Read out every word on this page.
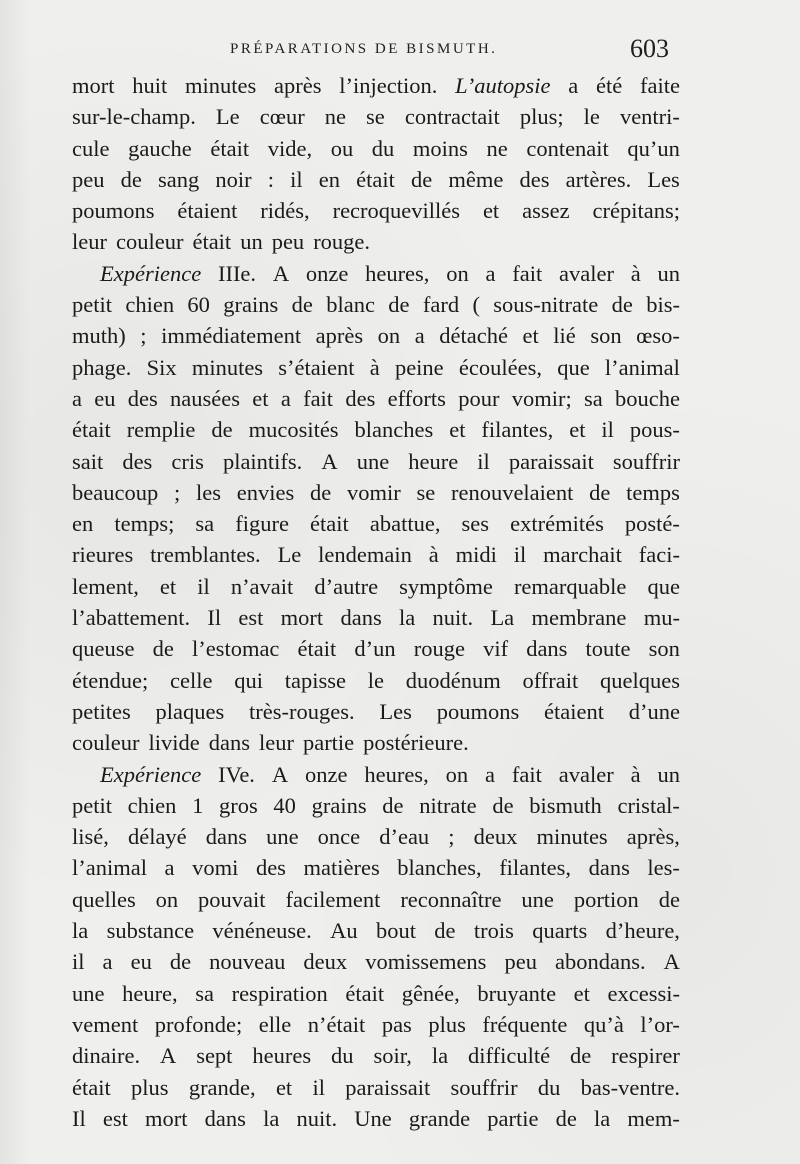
PRÉPARATIONS DE BISMUTH.	603
mort huit minutes après l’injection. L’autopsie a été faite
sur-le-champ. Le cœur ne se contractait plus; le ventri-
cule gauche était vide, ou du moins ne contenait qu’un
peu de sang noir : il en était de même des artères. Les
poumons étaient ridés, recroquevillés et assez crépitans;
leur couleur était un peu rouge.
Expérience IIIe. A onze heures, on a fait avaler à un
petit chien 60 grains de blanc de fard ( sous-nitrate de bis-
muth) ; immédiatement après on a détaché et lié son œso-
phage. Six minutes s’étaient à peine écoulées, que l’animal
a eu des nausées et a fait des efforts pour vomir; sa bouche
était remplie de mucosités blanches et filantes, et il pous-
sait des cris plaintifs. A une heure il paraissait souffrir
beaucoup ; les envies de vomir se renouvelaient de temps
en temps; sa figure était abattue, ses extrémités posté-
rieures tremblantes. Le lendemain à midi il marchait faci-
lement, et il n’avait d’autre symptôme remarquable que
l’abattement. Il est mort dans la nuit. La membrane mu-
queuse de l’estomac était d’un rouge vif dans toute son
étendue; celle qui tapisse le duodénum offrait quelques
petites plaques très-rouges. Les poumons étaient d’une
couleur livide dans leur partie postérieure.
Expérience IVe. A onze heures, on a fait avaler à un
petit chien 1 gros 40 grains de nitrate de bismuth cristal-
lisé, délayé dans une once d’eau ; deux minutes après,
l’animal a vomi des matières blanches, filantes, dans les-
quelles on pouvait facilement reconnaître une portion de
la substance vénéneuse. Au bout de trois quarts d’heure,
il a eu de nouveau deux vomissemens peu abondans. A
une heure, sa respiration était gênée, bruyante et excessi-
vement profonde; elle n’était pas plus fréquente qu’à l’or-
dinaire. A sept heures du soir, la difficulté de respirer
était plus grande, et il paraissait souffrir du bas-ventre.
Il est mort dans la nuit. Une grande partie de la mem-
